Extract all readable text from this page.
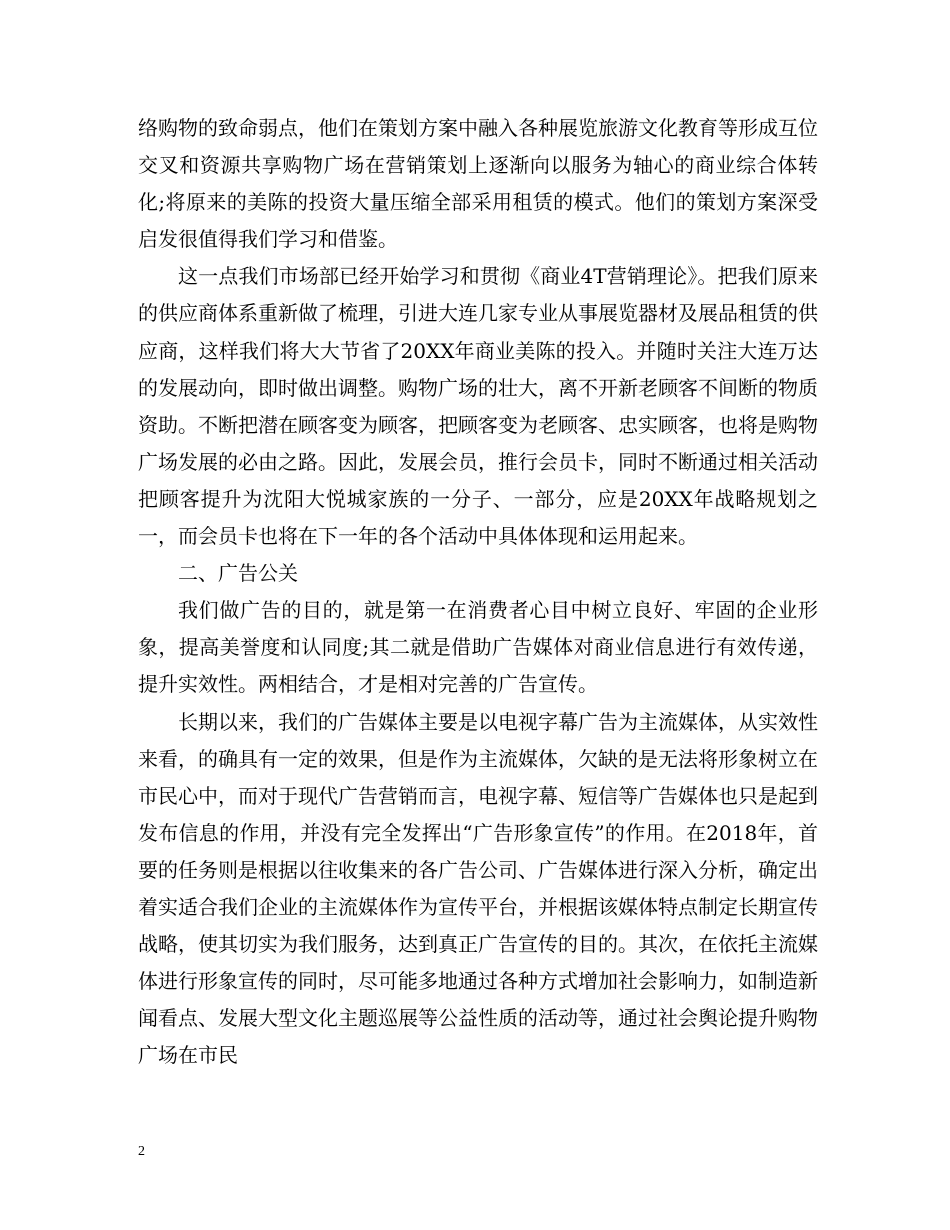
络购物的致命弱点，他们在策划方案中融入各种展览旅游文化教育等形成互位交叉和资源共享购物广场在营销策划上逐渐向以服务为轴心的商业综合体转化;将原来的美陈的投资大量压缩全部采用租赁的模式。他们的策划方案深受启发很值得我们学习和借鉴。

这一点我们市场部已经开始学习和贯彻《商业4T营销理论》。把我们原来的供应商体系重新做了梳理，引进大连几家专业从事展览器材及展品租赁的供应商，这样我们将大大节省了20XX年商业美陈的投入。并随时关注大连万达的发展动向，即时做出调整。购物广场的壮大，离不开新老顾客不间断的物质资助。不断把潜在顾客变为顾客，把顾客变为老顾客、忠实顾客，也将是购物广场发展的必由之路。因此，发展会员，推行会员卡，同时不断通过相关活动把顾客提升为沈阳大悦城家族的一分子、一部分，应是20XX年战略规划之一，而会员卡也将在下一年的各个活动中具体体现和运用起来。

二、广告公关

我们做广告的目的，就是第一在消费者心目中树立良好、牢固的企业形象，提高美誉度和认同度;其二就是借助广告媒体对商业信息进行有效传递，提升实效性。两相结合，才是相对完善的广告宣传。

长期以来，我们的广告媒体主要是以电视字幕广告为主流媒体，从实效性来看，的确具有一定的效果，但是作为主流媒体，欠缺的是无法将形象树立在市民心中，而对于现代广告营销而言，电视字幕、短信等广告媒体也只是起到发布信息的作用，并没有完全发挥出“广告形象宣传”的作用。在2018年，首要的任务则是根据以往收集来的各广告公司、广告媒体进行深入分析，确定出着实适合我们企业的主流媒体作为宣传平台，并根据该媒体特点制定长期宣传战略，使其切实为我们服务，达到真正广告宣传的目的。其次，在依托主流媒体进行形象宣传的同时，尽可能多地通过各种方式增加社会影响力，如制造新闻看点、发展大型文化主题巡展等公益性质的活动等，通过社会舆论提升购物广场在市民

2
